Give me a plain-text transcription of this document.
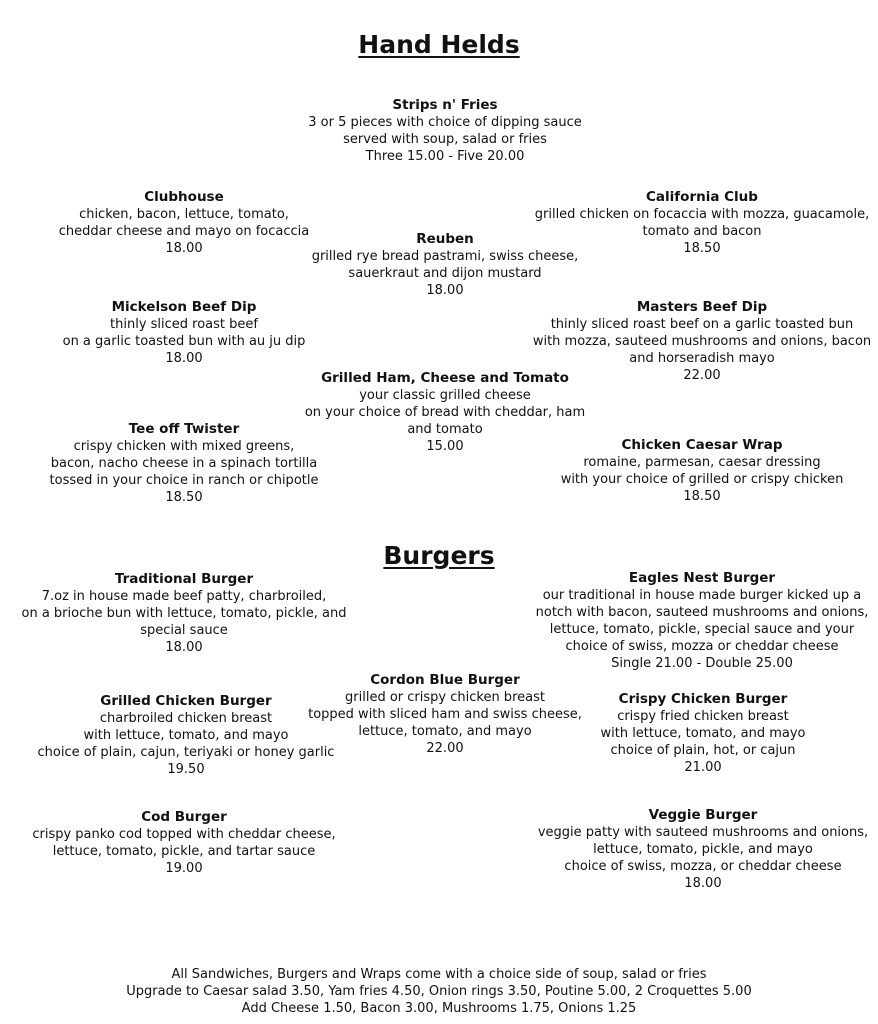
Hand Helds
Strips n' Fries
3 or 5 pieces with choice of dipping sauce
served with soup, salad or fries
Three 15.00 - Five 20.00
Clubhouse
chicken, bacon, lettuce, tomato,
cheddar cheese and mayo on focaccia
18.00
California Club
grilled chicken on focaccia with mozza, guacamole,
tomato and bacon
18.50
Reuben
grilled rye bread pastrami, swiss cheese,
sauerkraut and dijon mustard
18.00
Mickelson Beef Dip
thinly sliced roast beef
on a garlic toasted bun with au ju dip
18.00
Masters Beef Dip
thinly sliced roast beef on a garlic toasted bun
with mozza, sauteed mushrooms and onions, bacon
and horseradish mayo
22.00
Grilled Ham, Cheese and Tomato
your classic grilled cheese
on your choice of bread with cheddar, ham
and tomato
15.00
Tee off Twister
crispy chicken with mixed greens,
bacon, nacho cheese in a spinach tortilla
tossed in your choice in ranch or chipotle
18.50
Chicken Caesar Wrap
romaine, parmesan, caesar dressing
with your choice of grilled or crispy chicken
18.50
Burgers
Traditional Burger
7.oz in house made beef patty, charbroiled,
on a brioche bun with lettuce, tomato, pickle, and
special sauce
18.00
Eagles Nest Burger
our traditional in house made burger kicked up a
notch with bacon, sauteed mushrooms and onions,
lettuce, tomato, pickle, special sauce and your
choice of swiss, mozza or cheddar cheese
Single 21.00 - Double 25.00
Cordon Blue Burger
grilled or crispy chicken breast
topped with sliced ham and swiss cheese,
lettuce, tomato, and mayo
22.00
Grilled Chicken Burger
charbroiled chicken breast
with lettuce, tomato, and mayo
choice of plain, cajun, teriyaki or honey garlic
19.50
Crispy Chicken Burger
crispy fried chicken breast
with lettuce, tomato, and mayo
choice of plain, hot, or cajun
21.00
Cod Burger
crispy panko cod topped with cheddar cheese,
lettuce, tomato, pickle, and tartar sauce
19.00
Veggie Burger
veggie patty with sauteed mushrooms and onions,
lettuce, tomato, pickle, and mayo
choice of swiss, mozza, or cheddar cheese
18.00
All Sandwiches, Burgers and Wraps come with a choice side of soup, salad or fries
Upgrade to Caesar salad 3.50, Yam fries 4.50, Onion rings 3.50, Poutine 5.00, 2 Croquettes 5.00
Add Cheese 1.50, Bacon 3.00, Mushrooms 1.75, Onions 1.25
